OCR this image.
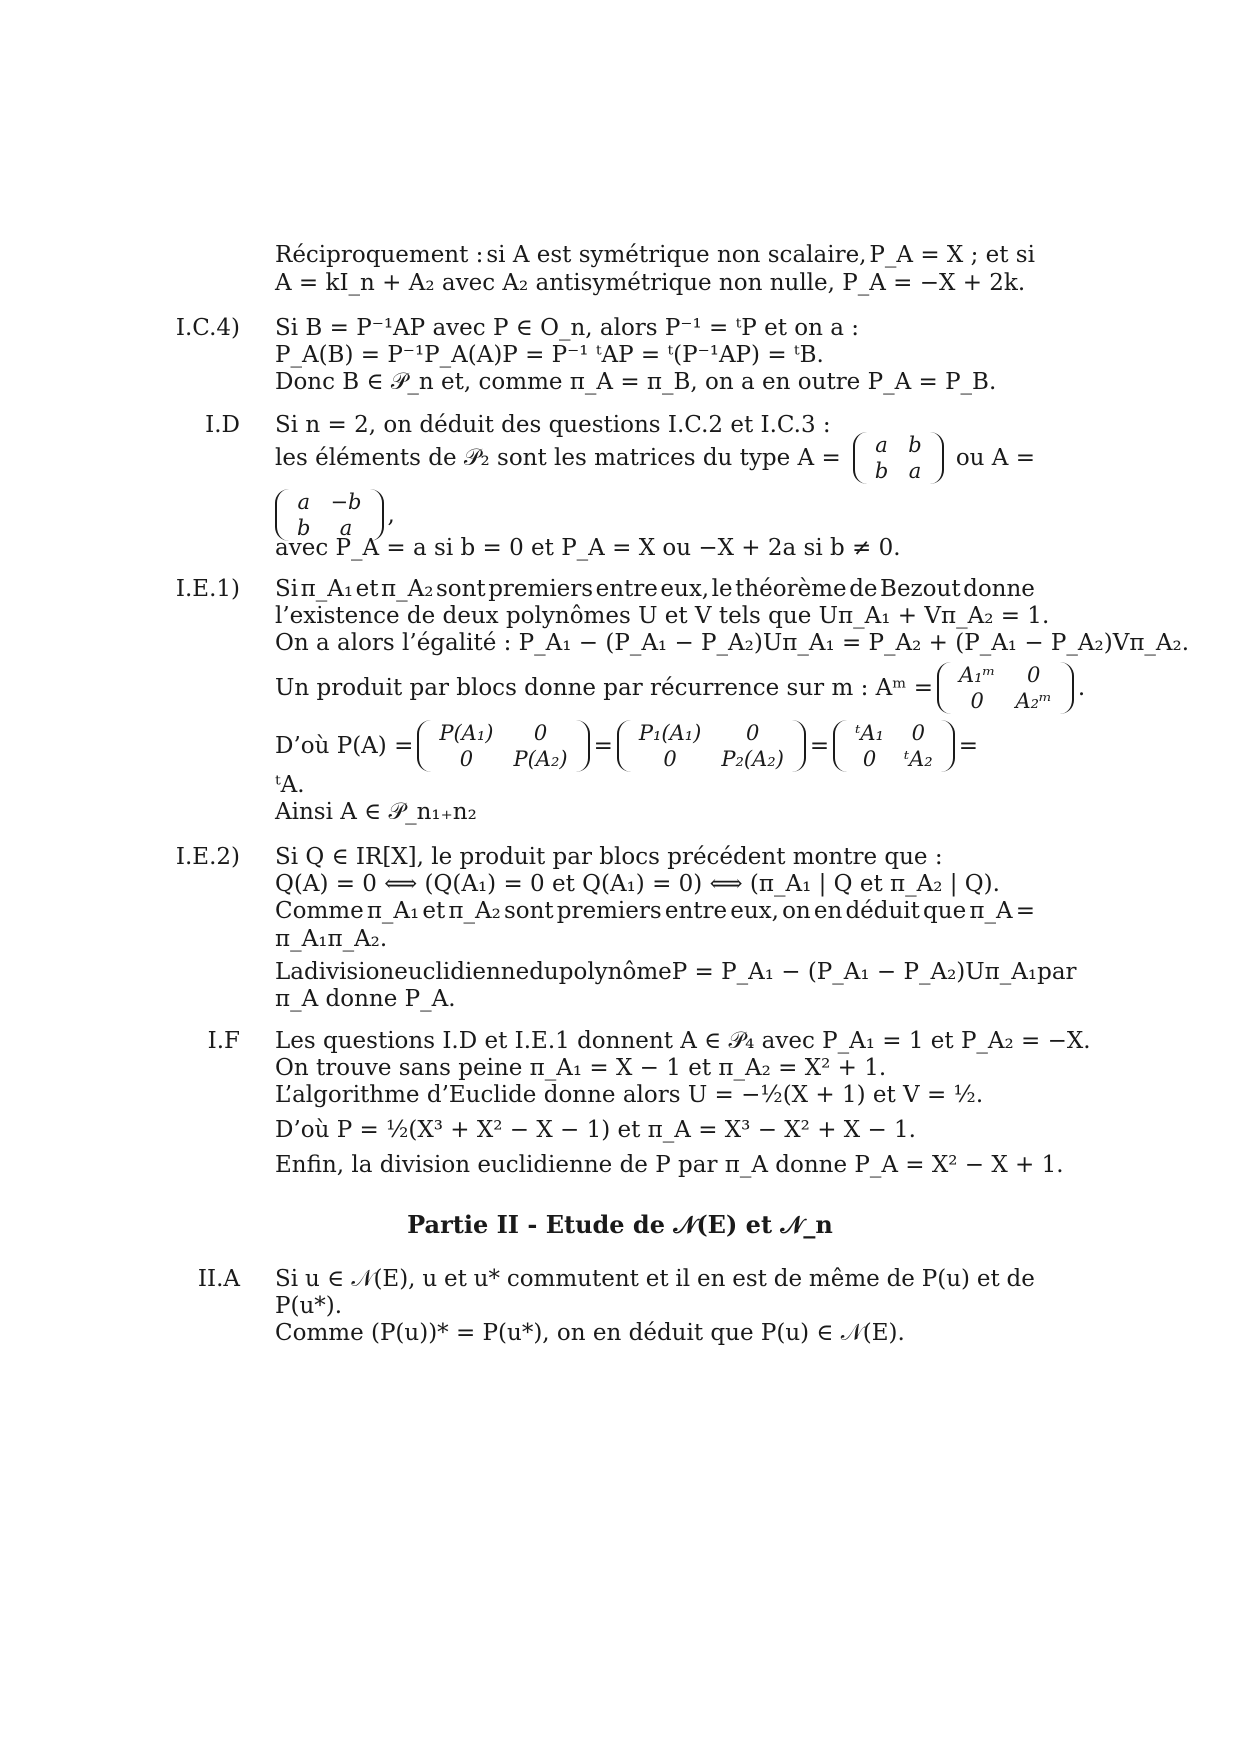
Réciproquement : si A est symétrique non scalaire, P_A = X ; et si
A = kI_n + A₂ avec A₂ antisymétrique non nulle, P_A = −X + 2k.
I.C.4) Si B = P⁻¹AP avec P ∈ O_n, alors P⁻¹ = ᵗP et on a :
P_A(B) = P⁻¹P_A(A)P = P⁻¹ ᵗAP = ᵗ(P⁻¹AP) = ᵗB.
Donc B ∈ 𝒫_n et, comme π_A = π_B, on a en outre P_A = P_B.
I.D Si n = 2, on déduit des questions I.C.2 et I.C.3 :
les éléments de 𝒫₂ sont les matrices du type A = a	b
b	a ou A =
a	−b
b	a ,
avec P_A = a si b = 0 et P_A = X ou −X + 2a si b ≠ 0.
I.E.1) Si π_A₁ et π_A₂ sont premiers entre eux, le théorème de Bezout donne
l’existence de deux polynômes U et V tels que Uπ_A₁ + Vπ_A₂ = 1.
On a alors l’égalité : P_A₁ − (P_A₁ − P_A₂)Uπ_A₁ = P_A₂ + (P_A₁ − P_A₂)Vπ_A₂.
Un produit par blocs donne par récurrence sur m : Aᵐ = A₁ᵐ	0
0	A₂ᵐ .
D’où P(A) = P(A₁)	0
0	P(A₂) = P₁(A₁)	0
0	P₂(A₂) = ᵗA₁	0
0	ᵗA₂ =
ᵗA.
Ainsi A ∈ 𝒫_n₁₊n₂
I.E.2) Si Q ∈ IR[X], le produit par blocs précédent montre que :
Q(A) = 0 ⟺ (Q(A₁) = 0 et Q(A₁) = 0) ⟺ (π_A₁ | Q et π_A₂ | Q).
Comme π_A₁ et π_A₂ sont premiers entre eux, on en déduit que π_A =
π_A₁π_A₂.
La division euclidienne du polynôme P = P_A₁ − (P_A₁ − P_A₂)Uπ_A₁ par
π_A donne P_A.
I.F Les questions I.D et I.E.1 donnent A ∈ 𝒫₄ avec P_A₁ = 1 et P_A₂ = −X.
On trouve sans peine π_A₁ = X − 1 et π_A₂ = X² + 1.
L’algorithme d’Euclide donne alors U = −½(X + 1) et V = ½.
D’où P = ½(X³ + X² − X − 1) et π_A = X³ − X² + X − 1.
Enfin, la division euclidienne de P par π_A donne P_A = X² − X + 1.
Partie II - Etude de 𝒩(E) et 𝒩_n
II.A Si u ∈ 𝒩(E), u et u* commutent et il en est de même de P(u) et de
P(u*).
Comme (P(u))* = P(u*), on en déduit que P(u) ∈ 𝒩(E).
